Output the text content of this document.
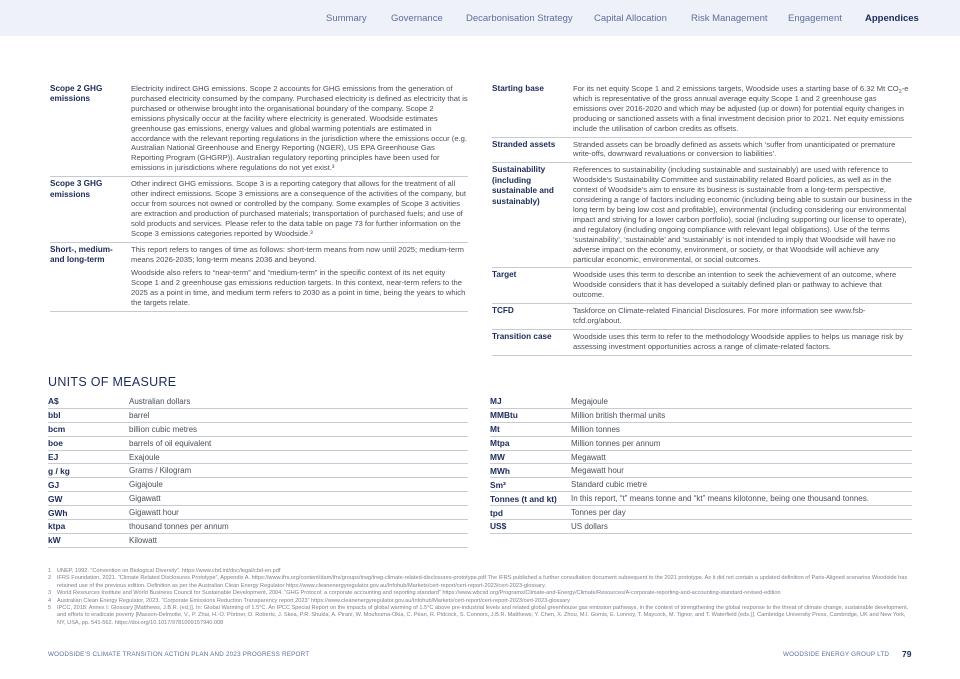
Summary	Governance Decarbonisation Strategy Capital Allocation	Risk Management Engagement Appendices
Scope 2 GHG emissions	Electricity indirect GHG emissions. Scope 2 accounts for GHG emissions from the generation of purchased electricity consumed by the company. Purchased electricity is defined as electricity that is purchased or otherwise brought into the organisational boundary of the company. Scope 2 emissions physically occur at the facility where electricity is generated. Woodside estimates greenhouse gas emissions, energy values and global warming potentials are estimated in accordance with the relevant reporting regulations in the jurisdiction where the emissions occur (e.g. Australian National Greenhouse and Energy Reporting (NGER), US EPA Greenhouse Gas Reporting Program (GHGRP)). Australian regulatory reporting principles have been used for emissions in jurisdictions where regulations do not yet exist.³

Scope 3 GHG emissions	Other indirect GHG emissions. Scope 3 is a reporting category that allows for the treatment of all other indirect emissions. Scope 3 emissions are a consequence of the activities of the company, but occur from sources not owned or controlled by the company. Some examples of Scope 3 activities are extraction and production of purchased materials; transportation of purchased fuels; and use of sold products and services. Please refer to the data table on page 73 for further information on the Scope 3 emissions categories reported by Woodside.³

Short-, medium- and long-term	This report refers to ranges of time as follows: short-term means from now until 2025; medium-term means 2026-2035; long-term means 2036 and beyond.

Woodside also refers to “near-term” and “medium-term” in the specific context of its net equity Scope 1 and 2 greenhouse gas emissions reduction targets. In this context, near-term refers to the 2025 as a point in time, and medium term refers to 2030 as a point in time, being the years to which the targets relate.

Starting base	For its net equity Scope 1 and 2 emissions targets, Woodside uses a starting base of 6.32 Mt $CO_2-e$ which is representative of the gross annual average equity Scope 1 and 2 greenhouse gas emissions over 2016-2020 and which may be adjusted (up or down) for potential equity changes in producing or sanctioned assets with a final investment decision prior to 2021. Net equity emissions include the utilisation of carbon credits as offsets.

Stranded assets	Stranded assets can be broadly defined as assets which ‘suffer from unanticipated or premature write-offs, downward revaluations or conversion to liabilities’.

Sustainability (including sustainable and sustainably)	References to sustainability (including sustainable and sustainably) are used with reference to Woodside’s Sustainability Committee and sustainability related Board policies, as well as in the context of Woodside’s aim to ensure its business is sustainable from a long-term perspective, considering a range of factors including economic (including being able to sustain our business in the long term by being low cost and profitable), environmental (including considering our environmental impact and striving for a lower carbon portfolio), social (including supporting our license to operate), and regulatory (including ongoing compliance with relevant legal obligations). Use of the terms ‘sustainability’, ‘sustainable’ and ‘sustainably’ is not intended to imply that Woodside will have no adverse impact on the economy, environment, or society, or that Woodside will achieve any particular economic, environmental, or social outcomes.

Target	Woodside uses this term to describe an intention to seek the achievement of an outcome, where Woodside considers that it has developed a suitably defined plan or pathway to achieve that outcome.

TCFD	Taskforce on Climate-related Financial Disclosures. For more information see www.fsb-tcfd.org/about.

Transition case	Woodside uses this term to refer to the methodology Woodside applies to helps us manage risk by assessing investment opportunities across a range of climate-related factors.

UNITS OF MEASURE
A$	Australian dollars
bbl	barrel
bcm	billion cubic metres
boe	barrels of oil equivalent
EJ	Exajoule
g / kg	Grams / Kilogram
GJ	Gigajoule
GW	Gigawatt
GWh	Gigawatt hour
ktpa	thousand tonnes per annum
kW	Kilowatt
MJ	Megajoule
MMBtu	Million british thermal units
Mt	Million tonnes
Mtpa	Million tonnes per annum
MW	Megawatt
MWh	Megawatt hour
Sm³	Standard cubic metre
Tonnes (t and kt)	In this report, “t” means tonne and “kt” means kilotonne, being one thousand tonnes.
tpd	Tonnes per day
US$	US dollars
1 UNEP, 1992. “Convention on Biological Diversity”. https://www.cbd.int/doc/legal/cbd-en.pdf
2 IFRS Foundation, 2021. “Climate Related Disclosures Prototype”, Appendix A. https://www.ifrs.org/content/dam/ifrs/groups/trwg/trwg-climate-related-disclosures-prototype.pdf The IFRS published a further consultation document subsequent to the 2021 prototype. As it did not contain a updated definition of Paris-Aligned scenarios Woodside has retained use of the previous edition. Definition as per the Australian Clean Energy Regulator https://www.cleanenergyregulator.gov.au/Infohub/Markets/cert-report/cert-report-2023/cert-2023-glossary.
3 World Resources Institute and World Business Council for Sustainable Development, 2004. “GHG Protocol: a corporate accounting and reporting standard” https://www.wbcsd.org/Programs/Climate-and-Energy/Climate/Resources/A-corporate-reporting-and-accounting-standard-revised-edition
4 Australian Clean Energy Regulator, 2023. “Corporate Emissions Reduction Transparency report 2023” https://www.cleanenergyregulator.gov.au/Infohub/Markets/cert-report/cert-report-2023/cert-2023-glossary
5 IPCC, 2018: Annex I: Glossary [Matthews, J.B.R. (ed.)]. In: Global Warming of 1.5°C. An IPCC Special Report on the impacts of global warming of 1.5°C above pre-industrial levels and related global greenhouse gas emission pathways, in the context of strengthening the global response to the threat of climate change, sustainable development, and efforts to eradicate poverty [Masson-Delmotte, V., P. Zhai, H.-O. Pörtner, D. Roberts, J. Skea, P.R. Shukla, A. Pirani, W. Moufouma-Okia, C. Péan, R. Pidcock, S. Connors, J.B.R. Matthews, Y. Chen, X. Zhou, M.I. Gomis, E. Lonnoy, T. Maycock, M. Tignor, and T. Waterfield (eds.)]. Cambridge University Press, Cambridge, UK and New York, NY, USA, pp. 541-562. https://doi.org/10.1017/9781009157940.008
WOODSIDE’S CLIMATE TRANSITION ACTION PLAN AND 2023 PROGRESS REPORT	WOODSIDE ENERGY GROUP LTD 79
